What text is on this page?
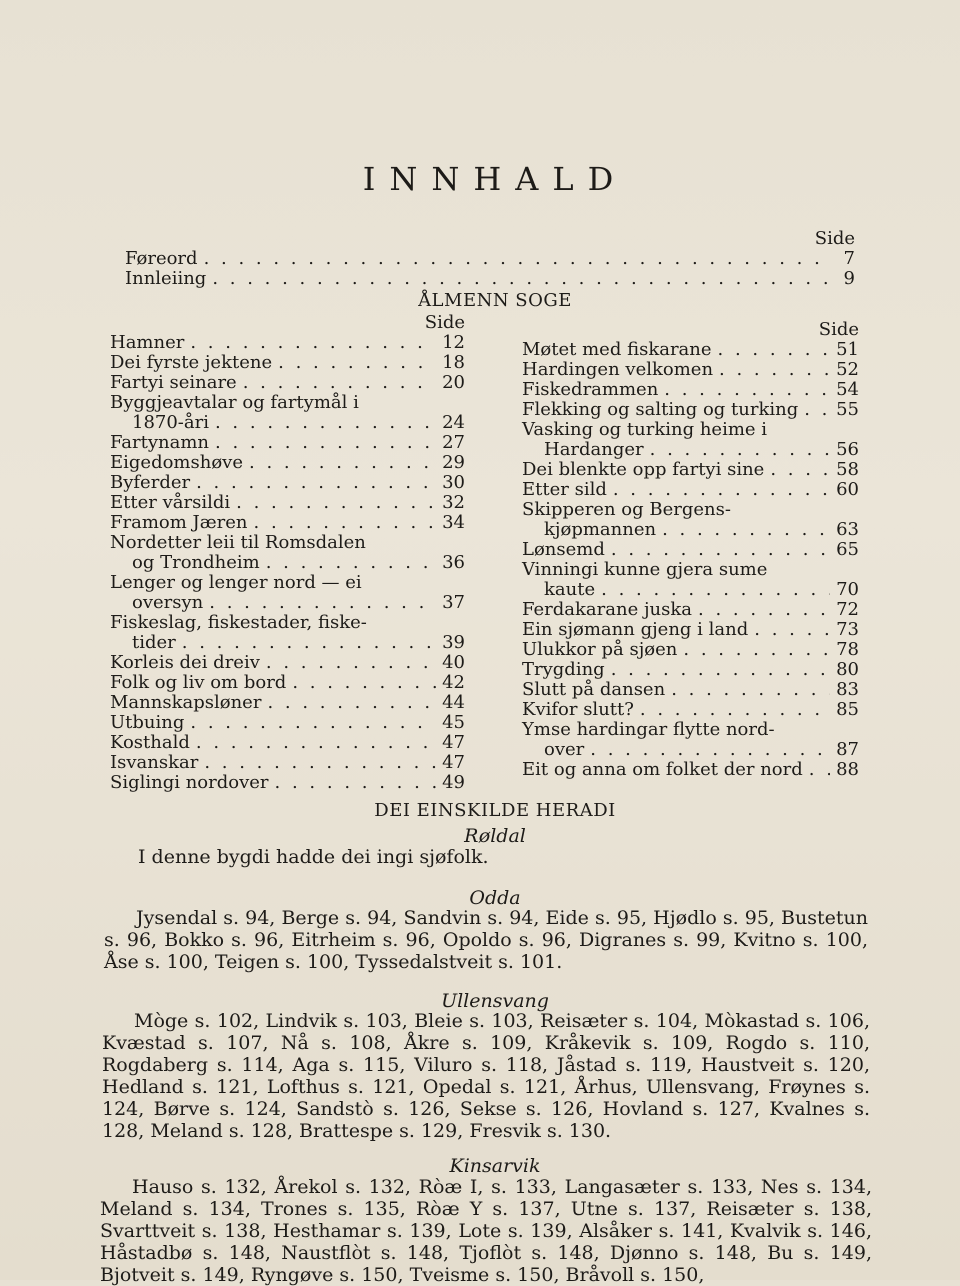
INNHALD
Side
Føreord . . .	7
Innleiing . . .	9
ÅLMENN SOGE
Side
Hamner . . .	12
Dei fyrste jektene . . .	18
Fartyi seinare . . .	20
Byggjeavtalar og fartymål i
1870-åri . . .	24
Fartynamn . . .	27
Eigedomshøve . . .	29
Byferder . . .	30
Etter vårsildi . . .	32
Framom Jæren . . .	34
Nordetter leii til Romsdalen
og Trondheim . . .	36
Lenger og lenger nord — ei
oversyn . . .	37
Fiskeslag, fiskestader, fiske-
tider . . .	39
Korleis dei dreiv . . .	40
Folk og liv om bord . . .	42
Mannskapsløner . . .	44
Utbuing . . .	45
Kosthald . . .	47
Isvanskar . . .	47
Siglingi nordover . . .	49
Side
Møtet med fiskarane . . .	51
Hardingen velkomen . . .	52
Fiskedrammen . . .	54
Flekking og salting og turking . . . 55
Vasking og turking heime i
Hardanger . . .	56
Dei blenkte opp fartyi sine . . .	58
Etter sild . . .	60
Skipperen og Bergens-
kjøpmannen . . .	63
Lønsemd . . .	65
Vinningi kunne gjera sume
kaute . . .	70
Ferdakarane juska . . .	72
Ein sjømann gjeng i land . . .	73
Ulukkor på sjøen . . .	78
Trygding . . .	80
Slutt på dansen . . .	83
Kvifor slutt? . . .	85
Ymse hardingar flytte nord-
over . . .	87
Eit og anna om folket der nord . . . 88
DEI EINSKILDE HERADI
Røldal
I denne bygdi hadde dei ingi sjøfolk.
Odda
Jysendal s. 94, Berge s. 94, Sandvin s. 94, Eide s. 95, Hjødlo s. 95, Bustetun s. 96, Bokko s. 96, Eitrheim s. 96, Opoldo s. 96, Digranes s. 99, Kvitno s. 100, Åse s. 100, Teigen s. 100, Tyssedalstveit s. 101.
Ullensvang
Mòge s. 102, Lindvik s. 103, Bleie s. 103, Reisæter s. 104, Mòkastad s. 106, Kvæstad s. 107, Nå s. 108, Åkre s. 109, Kråkevik s. 109, Rogdo s. 110, Rogdaberg s. 114, Aga s. 115, Viluro s. 118, Jåstad s. 119, Haustveit s. 120, Hedland s. 121, Lofthus s. 121, Opedal s. 121, Århus, Ullensvang, Frøynes s. 124, Børve s. 124, Sandstò s. 126, Sekse s. 126, Hovland s. 127, Kvalnes s. 128, Meland s. 128, Brattespe s. 129, Fresvik s. 130.
Kinsarvik
Hauso s. 132, Årekol s. 132, Ròæ I, s. 133, Langasæter s. 133, Nes s. 134, Meland s. 134, Trones s. 135, Ròæ Y s. 137, Utne s. 137, Reisæter s. 138, Svarttveit s. 138, Hesthamar s. 139, Lote s. 139, Alsåker s. 141, Kvalvik s. 146, Håstadbø s. 148, Naustflòt s. 148, Tjoflòt s. 148, Djønno s. 148, Bu s. 149, Bjotveit s. 149, Ryngøve s. 150, Tveisme s. 150, Bråvoll s. 150,
